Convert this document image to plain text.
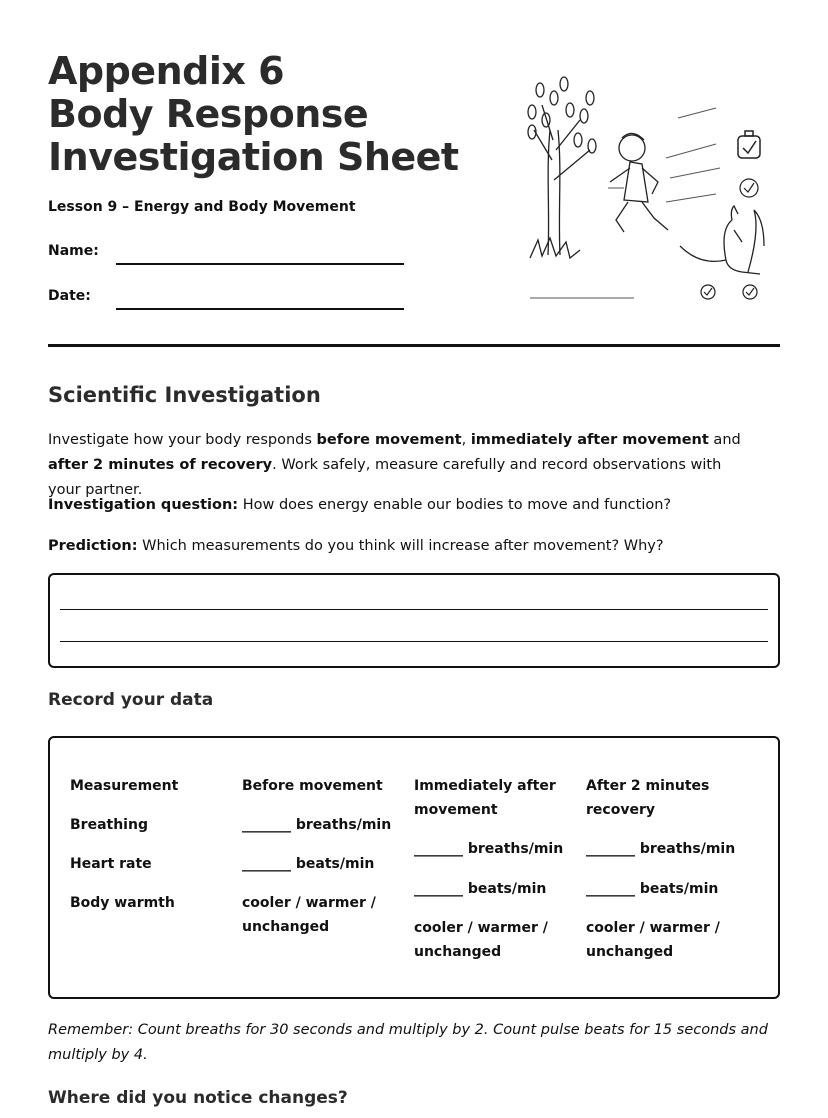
Appendix 6
Body Response
Investigation Sheet
Lesson 9 – Energy and Body Movement
Name:
Date:
Scientific Investigation
Investigate how your body responds before movement, immediately after movement and after 2 minutes of recovery. Work safely, measure carefully and record observations with your partner.
Investigation question: How does energy enable our bodies to move and function?
Prediction: Which measurements do you think will increase after movement? Why?
Record your data
Measurement	Before movement Immediately after movement
After 2 minutes recovery
Breathing
Heart rate
Body warmth
_______ breaths/min
_______ beats/min
cooler / warmer / unchanged
_______ breaths/min
_______ beats/min
cooler / warmer / unchanged
_______ breaths/min
_______ beats/min
cooler / warmer / unchanged
Remember: Count breaths for 30 seconds and multiply by 2. Count pulse beats for 15 seconds and multiply by 4.
Where did you notice changes?
